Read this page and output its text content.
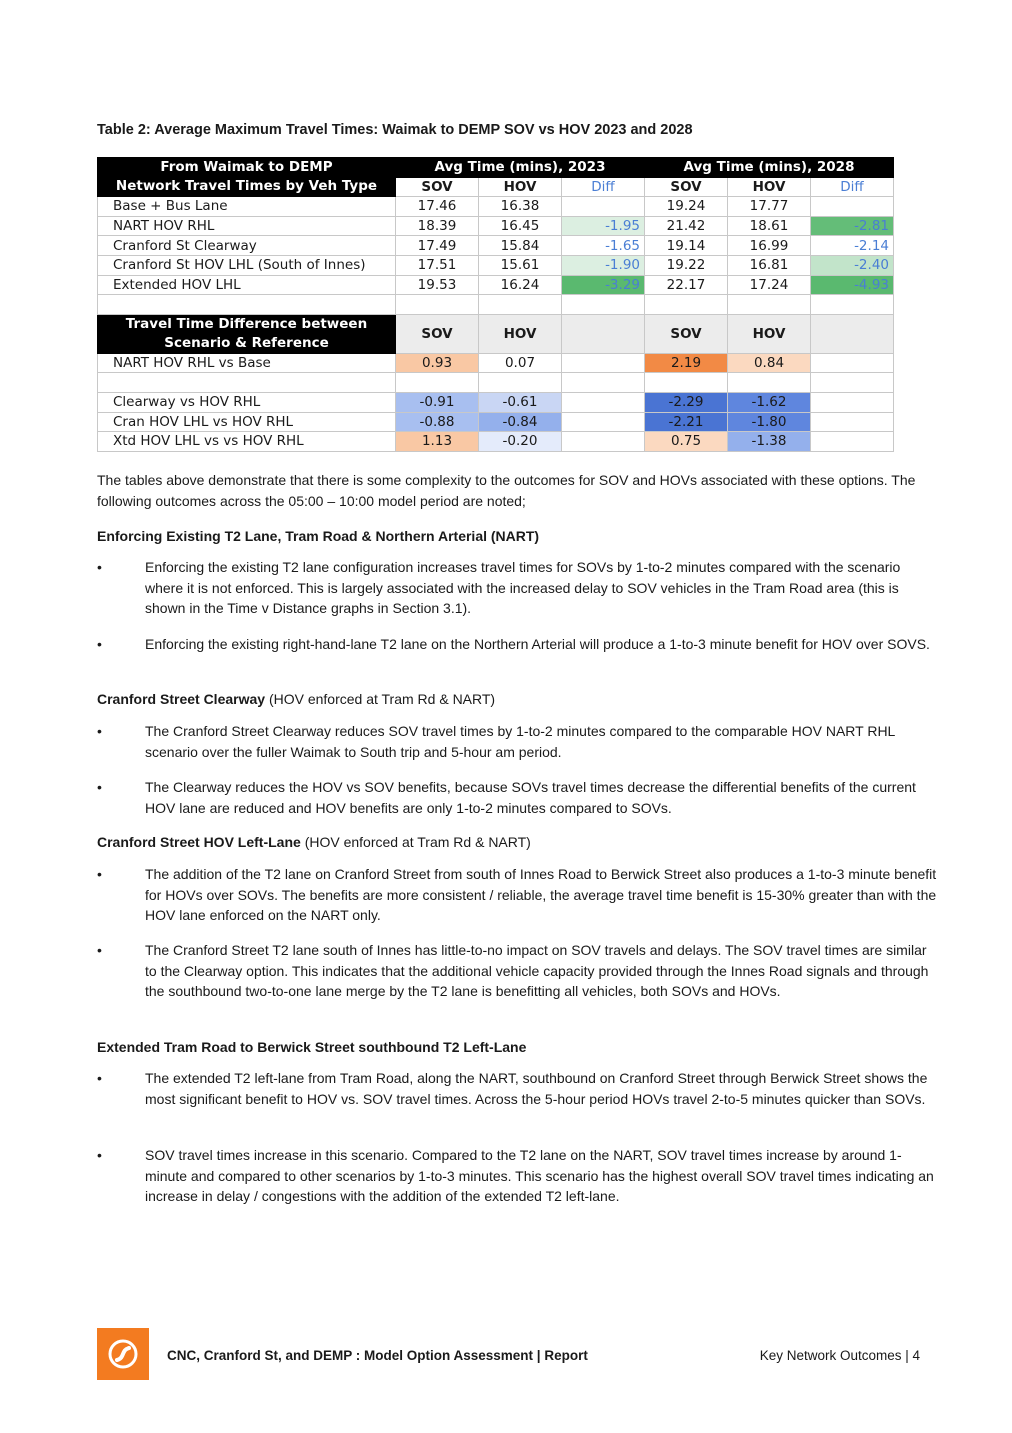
Table 2: Average Maximum Travel Times: Waimak to DEMP SOV vs HOV 2023 and 2028
From Waimak to DEMP
Network Travel Times by Veh Type	Avg Time (mins), 2023			Avg Time (mins), 2028		
	SOV	HOV	Diff	SOV	HOV	Diff
Base + Bus Lane	17.46	16.38		19.24	17.77	
NART HOV RHL	18.39	16.45	-1.95	21.42	18.61	-2.81
Cranford St Clearway	17.49	15.84	-1.65	19.14	16.99	-2.14
Cranford St HOV LHL (South of Innes)	17.51	15.61	-1.90	19.22	16.81	-2.40
Extended HOV LHL	19.53	16.24	-3.29	22.17	17.24	-4.93

Travel Time Difference between
Scenario & Reference	SOV	HOV		SOV	HOV	
NART HOV RHL vs Base	0.93	0.07		2.19	0.84	

Clearway vs HOV RHL	-0.91	-0.61		-2.29	-1.62	
Cran HOV LHL vs HOV RHL	-0.88	-0.84		-2.21	-1.80	
Xtd HOV LHL vs vs HOV RHL	1.13	-0.20		0.75	-1.38	
The tables above demonstrate that there is some complexity to the outcomes for SOV and HOVs associated with these options. The following outcomes across the 05:00 – 10:00 model period are noted;
Enforcing Existing T2 Lane, Tram Road & Northern Arterial (NART)
•	Enforcing the existing T2 lane configuration increases travel times for SOVs by 1-to-2 minutes compared with the scenario where it is not enforced. This is largely associated with the increased delay to SOV vehicles in the Tram Road area (this is shown in the Time v Distance graphs in Section 3.1).
•	Enforcing the existing right-hand-lane T2 lane on the Northern Arterial will produce a 1-to-3 minute benefit for HOV over SOVS.
Cranford Street Clearway (HOV enforced at Tram Rd & NART)
•	The Cranford Street Clearway reduces SOV travel times by 1-to-2 minutes compared to the comparable HOV NART RHL scenario over the fuller Waimak to South trip and 5-hour am period.
•	The Clearway reduces the HOV vs SOV benefits, because SOVs travel times decrease the differential benefits of the current HOV lane are reduced and HOV benefits are only 1-to-2 minutes compared to SOVs.
Cranford Street HOV Left-Lane (HOV enforced at Tram Rd & NART)
•	The addition of the T2 lane on Cranford Street from south of Innes Road to Berwick Street also produces a 1-to-3 minute benefit for HOVs over SOVs. The benefits are more consistent / reliable, the average travel time benefit is 15-30% greater than with the HOV lane enforced on the NART only.
•	The Cranford Street T2 lane south of Innes has little-to-no impact on SOV travels and delays. The SOV travel times are similar to the Clearway option. This indicates that the additional vehicle capacity provided through the Innes Road signals and through the southbound two-to-one lane merge by the T2 lane is benefitting all vehicles, both SOVs and HOVs.
Extended Tram Road to Berwick Street southbound T2 Left-Lane
•	The extended T2 left-lane from Tram Road, along the NART, southbound on Cranford Street through Berwick Street shows the most significant benefit to HOV vs. SOV travel times. Across the 5-hour period HOVs travel 2-to-5 minutes quicker than SOVs.
•	SOV travel times increase in this scenario. Compared to the T2 lane on the NART, SOV travel times increase by around 1-minute and compared to other scenarios by 1-to-3 minutes. This scenario has the highest overall SOV travel times indicating an increase in delay / congestions with the addition of the extended T2 left-lane.
CNC, Cranford St, and DEMP : Model Option Assessment | Report	Key Network Outcomes | 4
